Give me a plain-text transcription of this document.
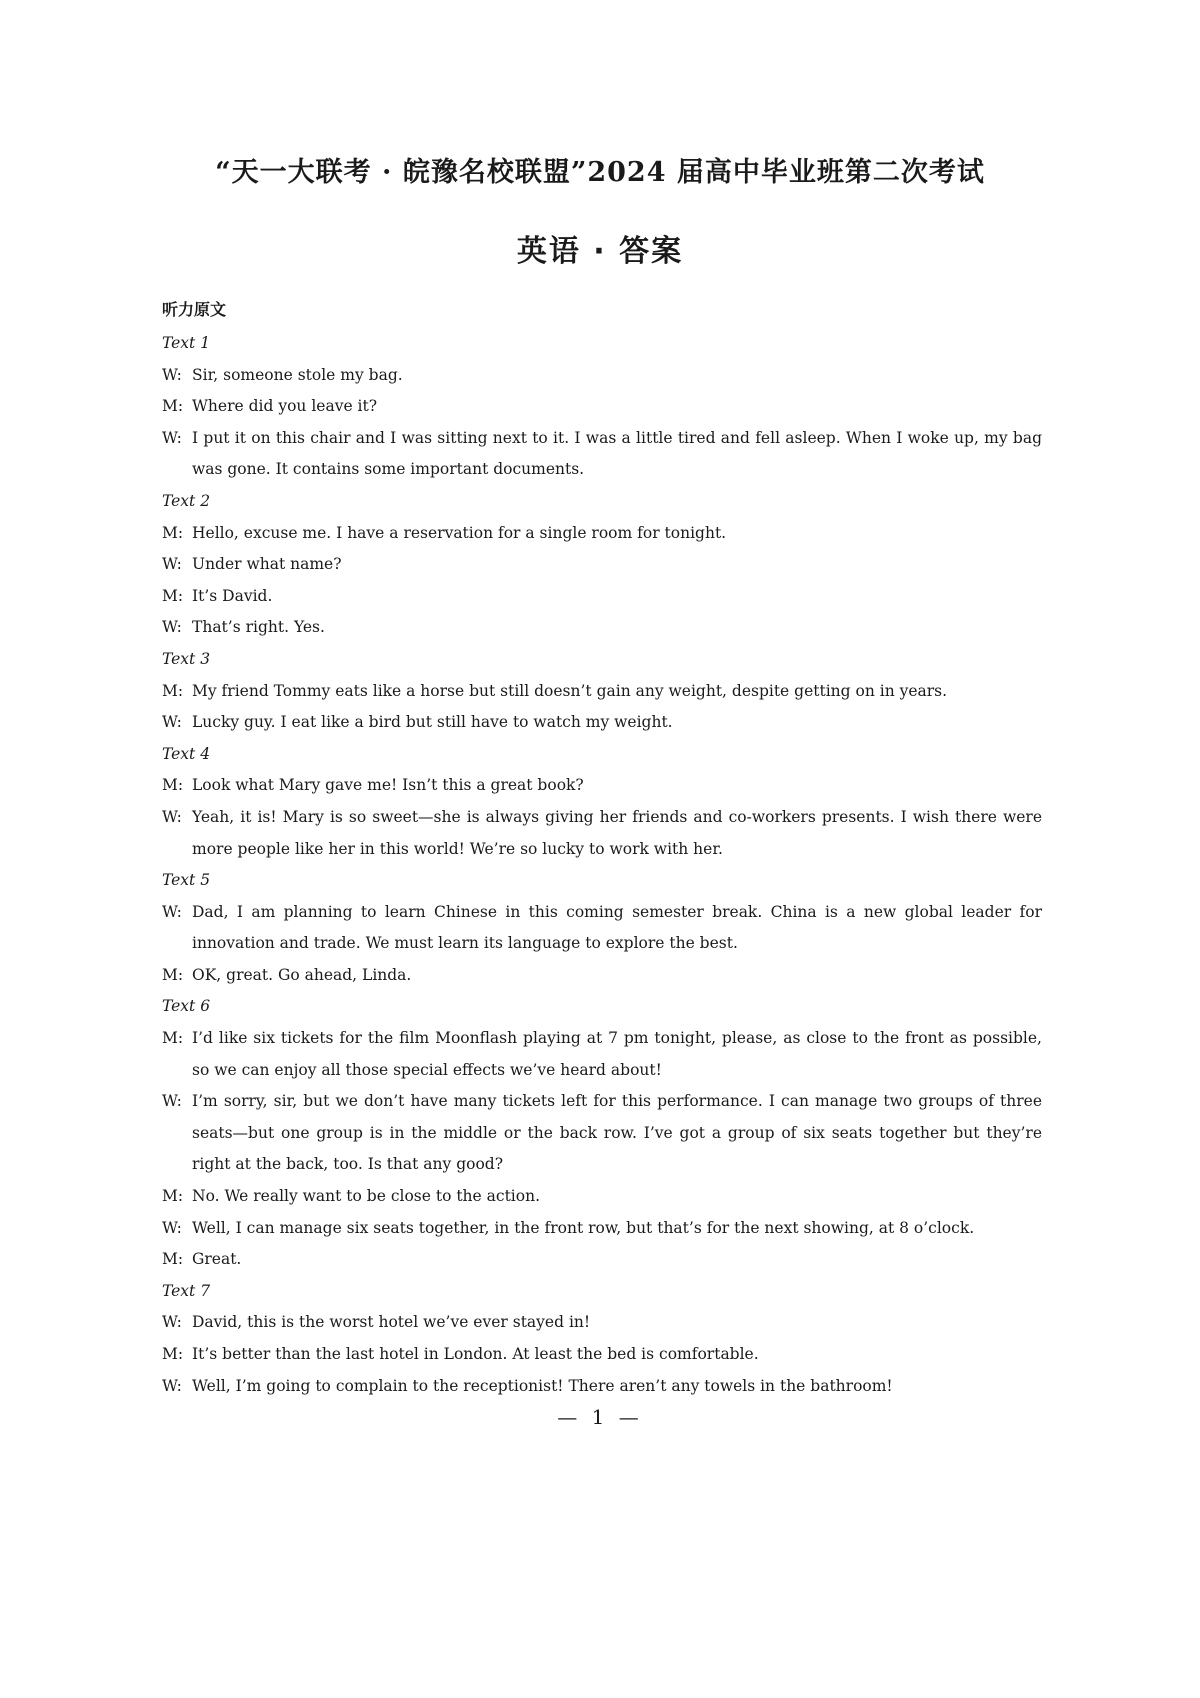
“天一大联考 · 皖豫名校联盟”2024 届高中毕业班第二次考试
英语 · 答案
听力原文
Text 1
W: Sir, someone stole my bag.
M: Where did you leave it?
W: I put it on this chair and I was sitting next to it. I was a little tired and fell asleep. When I woke up, my bag was gone. It contains some important documents.
Text 2
M: Hello, excuse me. I have a reservation for a single room for tonight.
W: Under what name?
M: It’s David.
W: That’s right. Yes.
Text 3
M: My friend Tommy eats like a horse but still doesn’t gain any weight, despite getting on in years.
W: Lucky guy. I eat like a bird but still have to watch my weight.
Text 4
M: Look what Mary gave me! Isn’t this a great book?
W: Yeah, it is! Mary is so sweet—she is always giving her friends and co-workers presents. I wish there were more people like her in this world! We’re so lucky to work with her.
Text 5
W: Dad, I am planning to learn Chinese in this coming semester break. China is a new global leader for innovation and trade. We must learn its language to explore the best.
M: OK, great. Go ahead, Linda.
Text 6
M: I’d like six tickets for the film Moonflash playing at 7 pm tonight, please, as close to the front as possible, so we can enjoy all those special effects we’ve heard about!
W: I’m sorry, sir, but we don’t have many tickets left for this performance. I can manage two groups of three seats—but one group is in the middle or the back row. I’ve got a group of six seats together but they’re right at the back, too. Is that any good?
M: No. We really want to be close to the action.
W: Well, I can manage six seats together, in the front row, but that’s for the next showing, at 8 o’clock.
M: Great.
Text 7
W: David, this is the worst hotel we’ve ever stayed in!
M: It’s better than the last hotel in London. At least the bed is comfortable.
W: Well, I’m going to complain to the receptionist! There aren’t any towels in the bathroom!
— 1 —
